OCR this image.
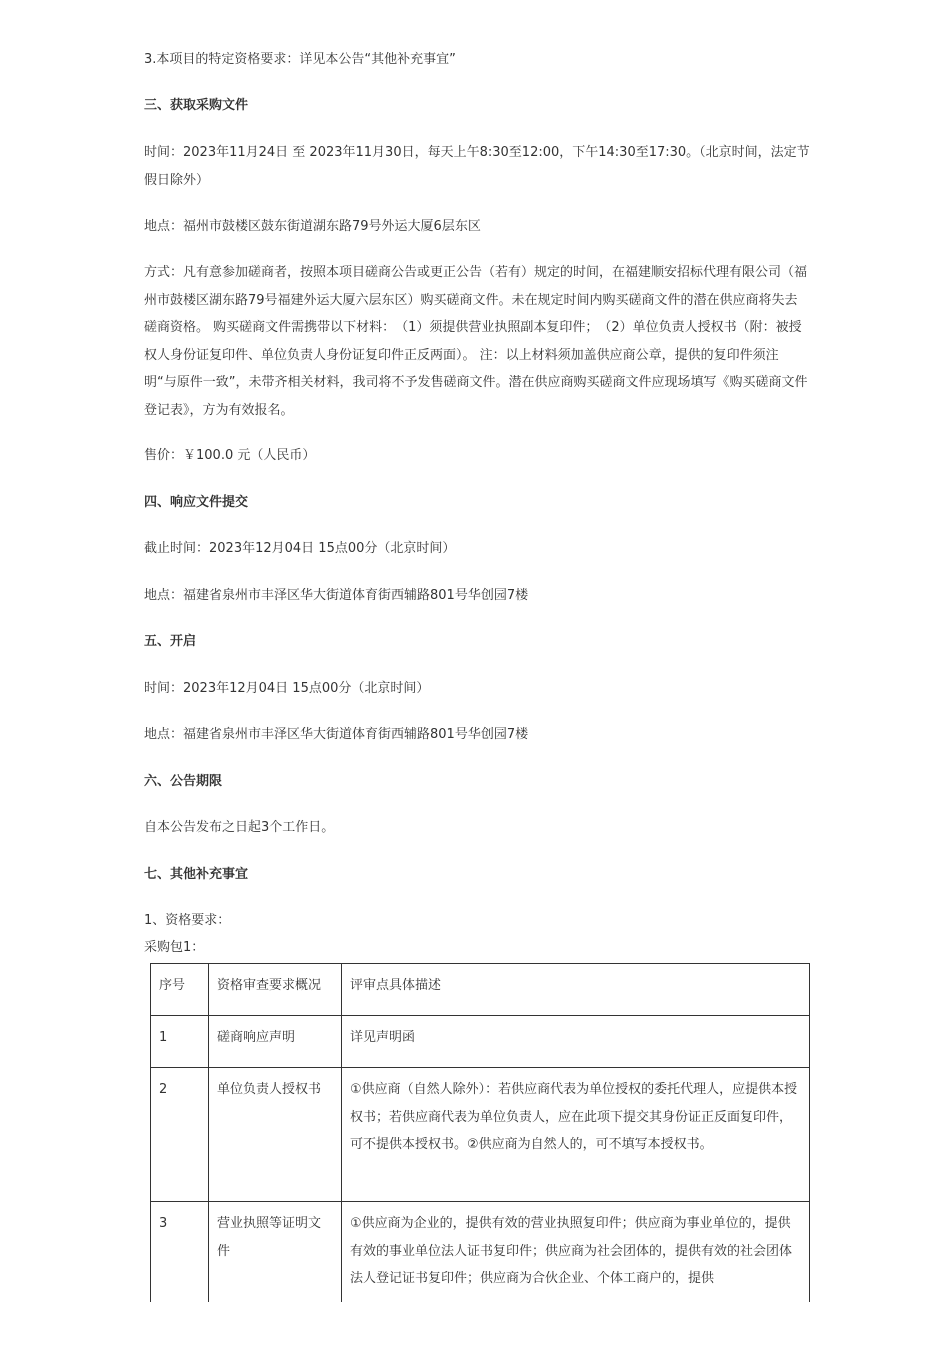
3.本项目的特定资格要求：详见本公告“其他补充事宜”

三、获取采购文件

时间：2023年11月24日 至 2023年11月30日，每天上午8:30至12:00，下午14:30至17:30。（北京时间，法定节假日除外）

地点：福州市鼓楼区鼓东街道湖东路79号外运大厦6层东区

方式：凡有意参加磋商者，按照本项目磋商公告或更正公告（若有）规定的时间，在福建顺安招标代理有限公司（福州市鼓楼区湖东路79号福建外运大厦六层东区）购买磋商文件。未在规定时间内购买磋商文件的潜在供应商将失去磋商资格。 购买磋商文件需携带以下材料：　（1）须提供营业执照副本复印件；　（2）单位负责人授权书（附：被授权人身份证复印件、单位负责人身份证复印件正反两面）。 注：以上材料须加盖供应商公章，提供的复印件须注明“与原件一致”，未带齐相关材料，我司将不予发售磋商文件。潜在供应商购买磋商文件应现场填写《购买磋商文件登记表》，方为有效报名。

售价：￥100.0 元（人民币）

四、响应文件提交

截止时间：2023年12月04日 15点00分（北京时间）

地点：福建省泉州市丰泽区华大街道体育街西辅路801号华创园7楼

五、开启

时间：2023年12月04日 15点00分（北京时间）

地点：福建省泉州市丰泽区华大街道体育街西辅路801号华创园7楼

六、公告期限

自本公告发布之日起3个工作日。

七、其他补充事宜

1、资格要求：

采购包1：

序号	资格审查要求概况	评审点具体描述
1	磋商响应声明	详见声明函
2	单位负责人授权书	①供应商（自然人除外）：若供应商代表为单位授权的委托代理人，应提供本授权书；若供应商代表为单位负责人，应在此项下提交其身份证正反面复印件，可不提供本授权书。②供应商为自然人的，可不填写本授权书。
3	营业执照等证明文件	①供应商为企业的，提供有效的营业执照复印件；供应商为事业单位的，提供有效的事业单位法人证书复印件；供应商为社会团体的，提供有效的社会团体法人登记证书复印件；供应商为合伙企业、个体工商户的，提供
